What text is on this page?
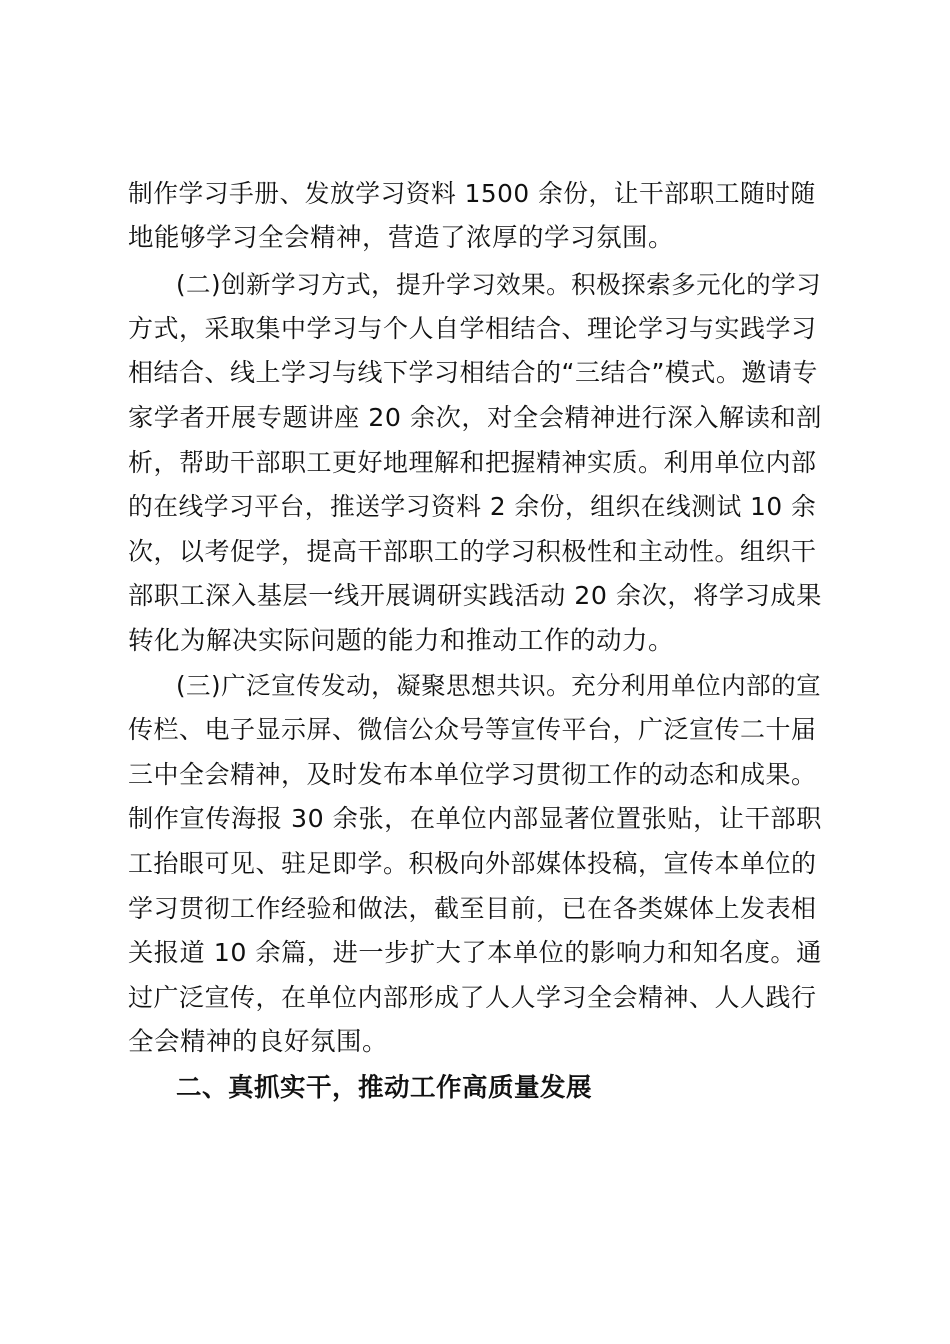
制作学习手册、发放学习资料 1500 余份，让干部职工随时随
地能够学习全会精神，营造了浓厚的学习氛围。
(二)创新学习方式，提升学习效果。积极探索多元化的学习
方式，采取集中学习与个人自学相结合、理论学习与实践学习
相结合、线上学习与线下学习相结合的“三结合”模式。邀请专
家学者开展专题讲座 20 余次，对全会精神进行深入解读和剖
析，帮助干部职工更好地理解和把握精神实质。利用单位内部
的在线学习平台，推送学习资料 2 余份，组织在线测试 10 余
次，以考促学，提高干部职工的学习积极性和主动性。组织干
部职工深入基层一线开展调研实践活动 20 余次，将学习成果
转化为解决实际问题的能力和推动工作的动力。
(三)广泛宣传发动，凝聚思想共识。充分利用单位内部的宣
传栏、电子显示屏、微信公众号等宣传平台，广泛宣传二十届
三中全会精神，及时发布本单位学习贯彻工作的动态和成果。
制作宣传海报 30 余张，在单位内部显著位置张贴，让干部职
工抬眼可见、驻足即学。积极向外部媒体投稿，宣传本单位的
学习贯彻工作经验和做法，截至目前，已在各类媒体上发表相
关报道 10 余篇，进一步扩大了本单位的影响力和知名度。通
过广泛宣传，在单位内部形成了人人学习全会精神、人人践行
全会精神的良好氛围。
二、真抓实干，推动工作高质量发展
